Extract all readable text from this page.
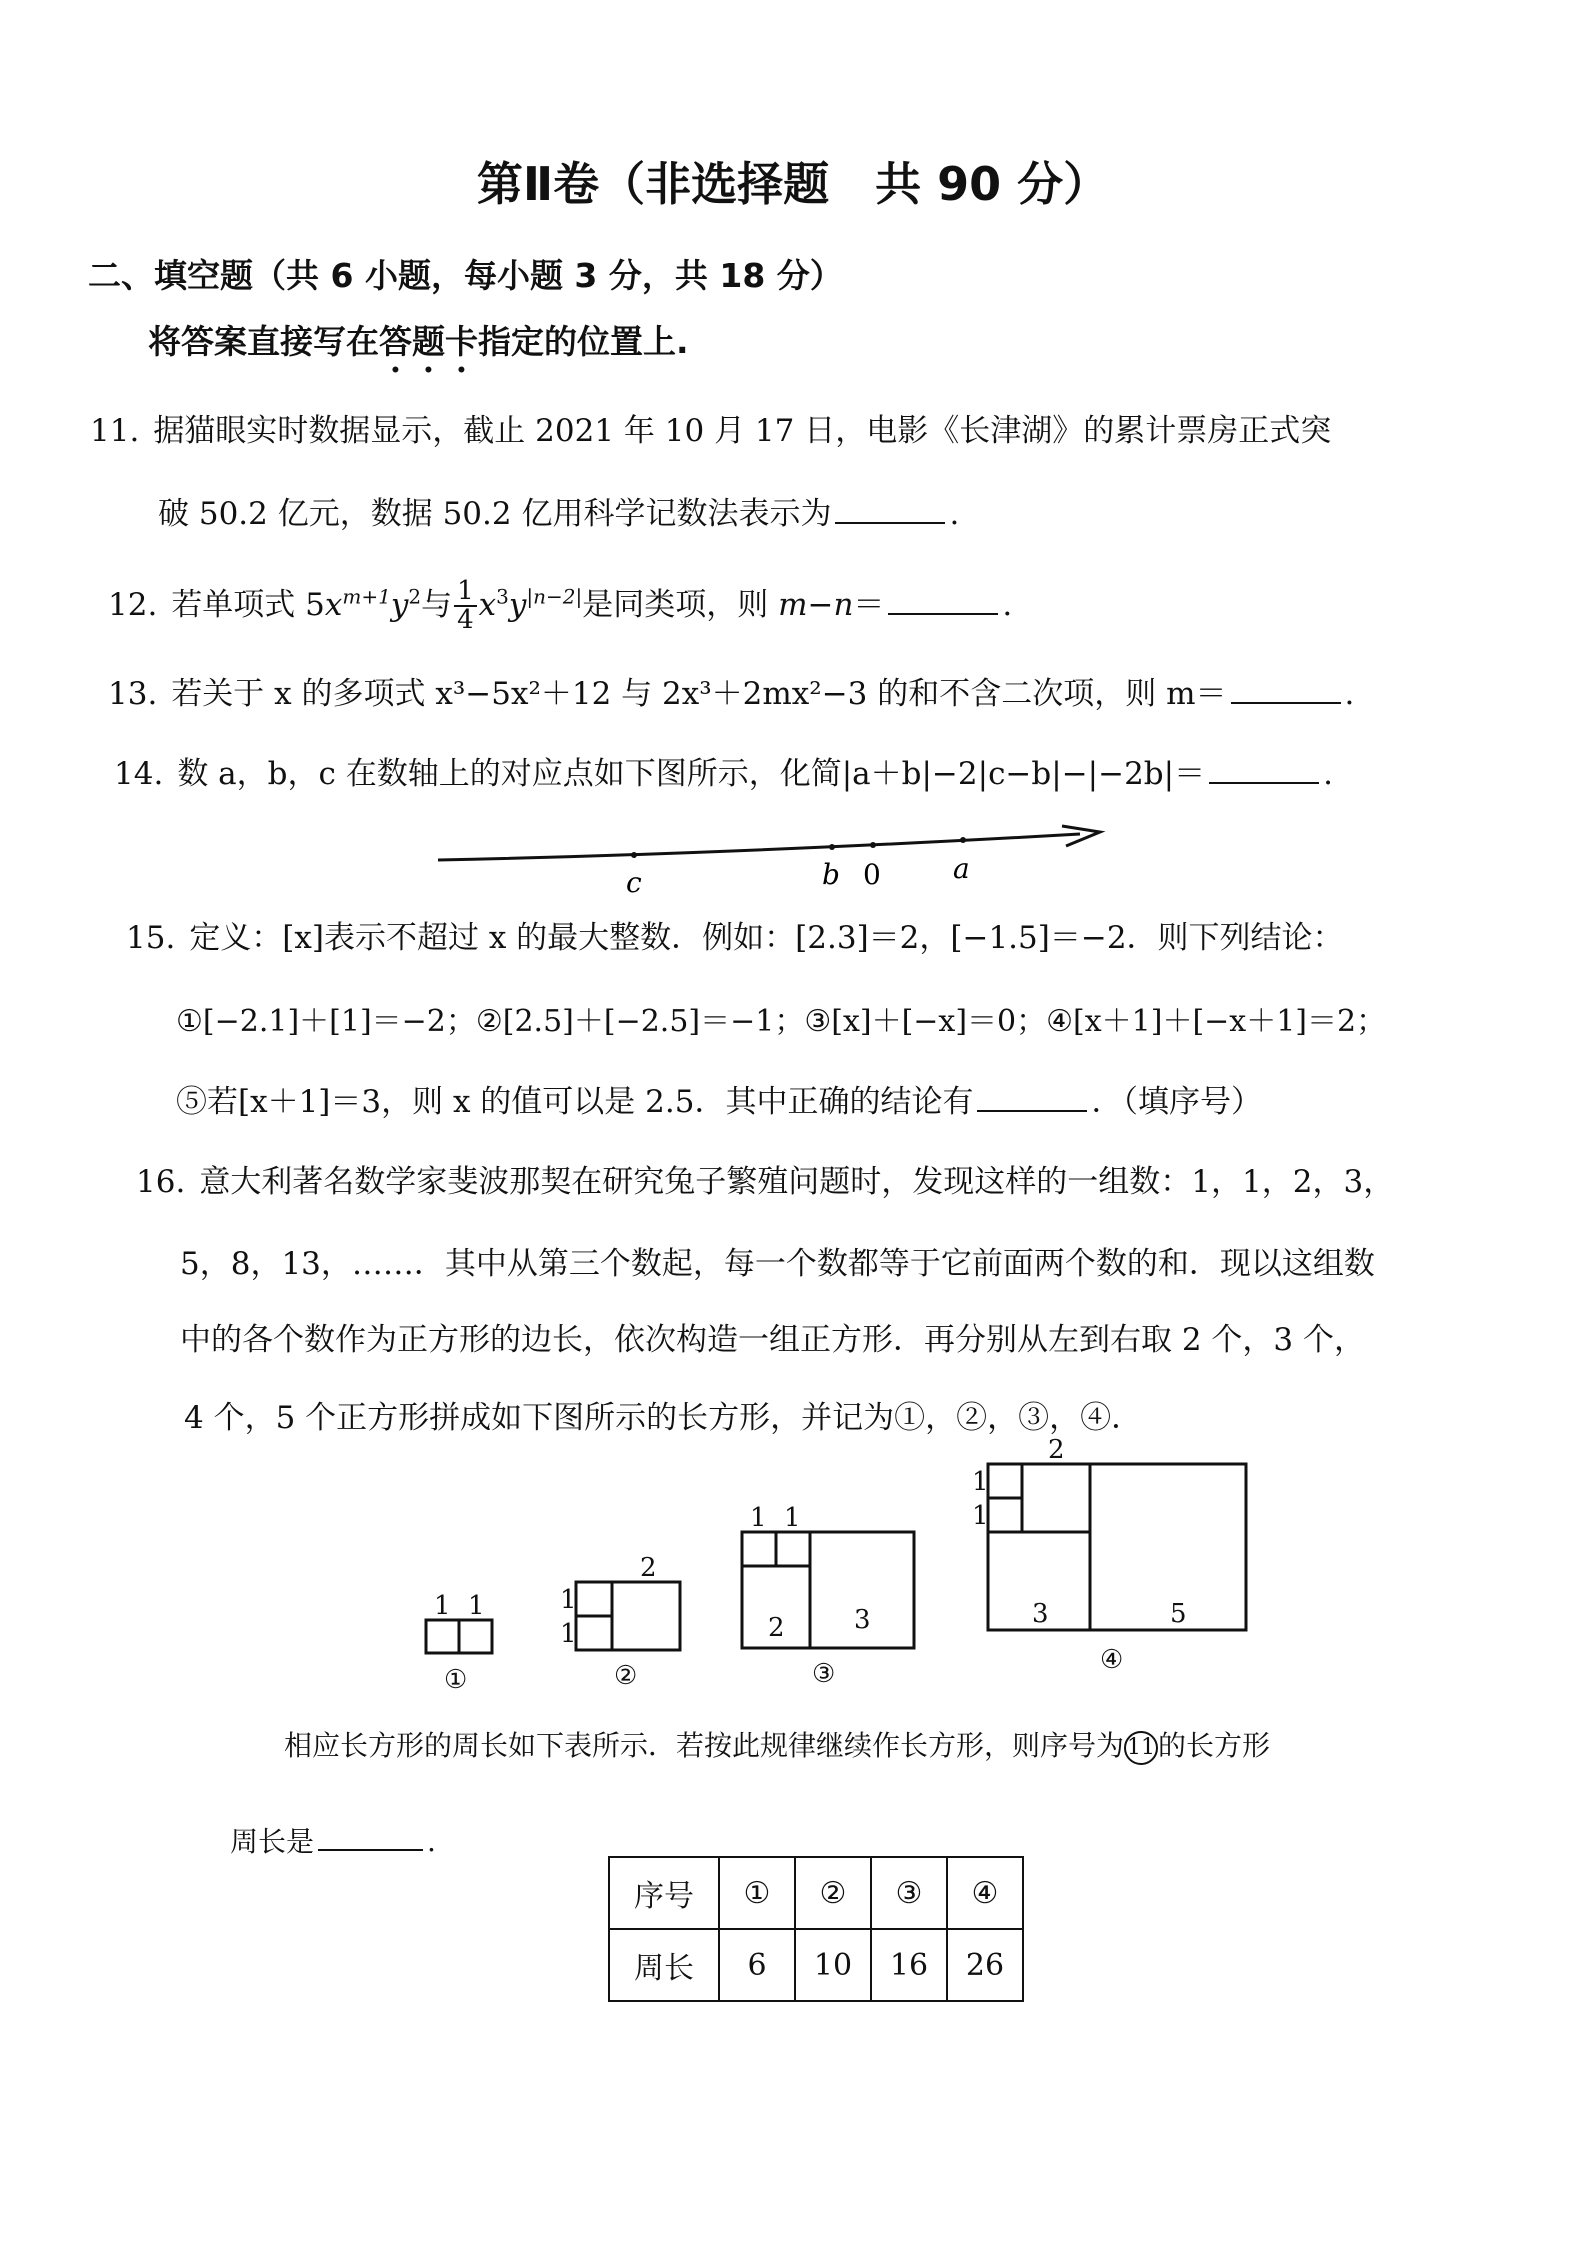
第Ⅱ卷（非选择题　共 90 分）
二、填空题（共 6 小题，每小题 3 分，共 18 分）
将答案直接写在答题卡指定的位置上.
11. 据猫眼实时数据显示，截止 2021 年 10 月 17 日，电影《长津湖》的累计票房正式突
破 50.2 亿元，数据 50.2 亿用科学记数法表示为	.
12. 若单项式 $5x^{m+1}y^2$与 $\frac{1}{4} x^3y^{|n-2|}$是同类项，则 m−n＝	.
13. 若关于 x 的多项式 x³−5x²＋12 与 2x³＋2mx²−3 的和不含二次项，则 m＝	.
14. 数 a，b，c 在数轴上的对应点如下图所示，化简|a＋b|−2|c−b|−|−2b|＝	.
c	b 0	a
15. 定义：[x]表示不超过 x 的最大整数．例如：[2.3]＝2，[−1.5]＝−2．则下列结论：
①[−2.1]＋[1]＝−2；②[2.5]＋[−2.5]＝−1；③[x]＋[−x]＝0；④[x＋1]＋[−x＋1]＝2；
⑤若[x＋1]＝3，则 x 的值可以是 2.5．其中正确的结论有	．（填序号）
16. 意大利著名数学家斐波那契在研究兔子繁殖问题时，发现这样的一组数：1，1，2，3，
5，8，13，……．其中从第三个数起，每一个数都等于它前面两个数的和．现以这组数
中的各个数作为正方形的边长，依次构造一组正方形．再分别从左到右取 2 个，3 个，
4 个，5 个正方形拼成如下图所示的长方形，并记为①，②，③，④．
1 1
①
1
1
2
②
1 1
2	3
③
1
1
2
3	5
④
相应长方形的周长如下表所示．若按此规律继续作长方形，则序号为 11 的长方形
周长是	.
序号	①	②	③	④
周长	6	10	16	26
